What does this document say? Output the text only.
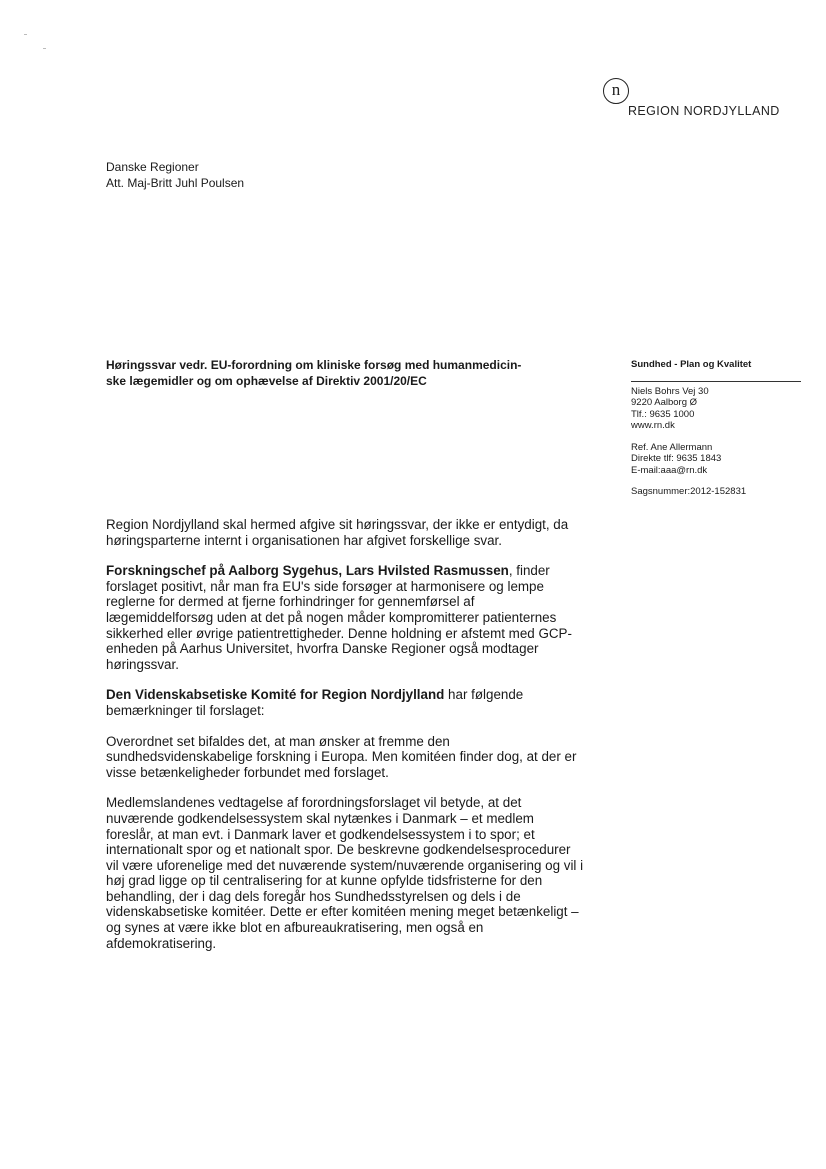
n
REGION NORDJYLLAND
Danske Regioner
Att. Maj-Britt Juhl Poulsen
Høringssvar vedr. EU-forordning om kliniske forsøg med humanmedicin-
ske lægemidler og om ophævelse af Direktiv 2001/20/EC
Sundhed - Plan og Kvalitet
Niels Bohrs Vej 30
9220 Aalborg Ø
Tlf.: 9635 1000
www.rn.dk
Ref. Ane Allermann
Direkte tlf: 9635 1843
E-mail:aaa@rn.dk
Sagsnummer:2012-152831

Region Nordjylland skal hermed afgive sit høringssvar, der ikke er entydigt, da høringsparterne internt i organisationen har afgivet forskellige svar.

Forskningschef på Aalborg Sygehus, Lars Hvilsted Rasmussen, finder forslaget positivt, når man fra EU's side forsøger at harmonisere og lempe reglerne for dermed at fjerne forhindringer for gennemførsel af lægemiddelforsøg uden at det på nogen måder kompromitterer patienternes sikkerhed eller øvrige patientrettigheder. Denne holdning er afstemt med GCP-enheden på Aarhus Universitet, hvorfra Danske Regioner også modtager høringssvar.

Den Videnskabsetiske Komité for Region Nordjylland har følgende bemærkninger til forslaget:

Overordnet set bifaldes det, at man ønsker at fremme den sundhedsvidenskabelige forskning i Europa. Men komitéen finder dog, at der er visse betænkeligheder forbundet med forslaget.

Medlemslandenes vedtagelse af forordningsforslaget vil betyde, at det nuværende godkendelsessystem skal nytænkes i Danmark – et medlem foreslår, at man evt. i Danmark laver et godkendelsessystem i to spor; et internationalt spor og et nationalt spor. De beskrevne godkendelsesprocedurer vil være uforenelige med det nuværende system/nuværende organisering og vil i høj grad ligge op til centralisering for at kunne opfylde tidsfristerne for den behandling, der i dag dels foregår hos Sundhedsstyrelsen og dels i de videnskabsetiske komitéer. Dette er efter komitéen mening meget betænkeligt – og synes at være ikke blot en afbureaukratisering, men også en afdemokratisering.
